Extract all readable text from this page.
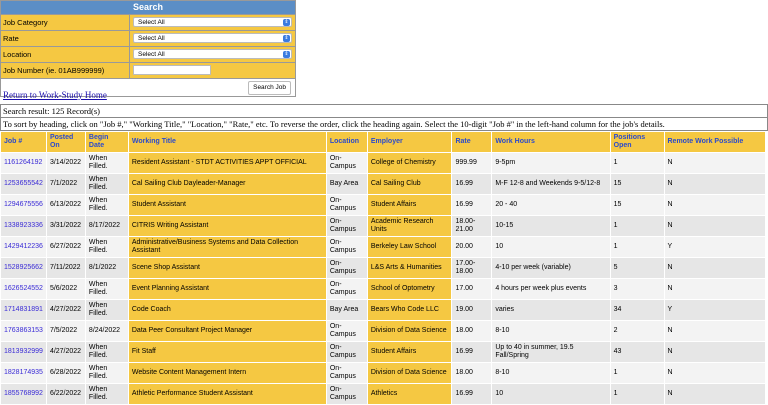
Search
Job Category	Select All	⇕
Rate	Select All	⇕
Location	Select All	⇕
Job Number (ie. 01AB999999)
Search Job
Return to Work-Study Home
Search result: 125 Record(s)
To sort by heading, click on "Job #," "Working Title," "Location," "Rate," etc. To reverse the order, click the heading again. Select the 10-digit "Job #" in the left-hand column for the job's details.
Job #	Posted On	Begin Date	Working Title	Location	Employer	Rate	Work Hours	Positions Open	Remote Work Possible
1161264192	3/14/2022	When Filled.	Resident Assistant - STDT ACTIVITIES APPT OFFICIAL	On-Campus	College of Chemistry	999.99	9-5pm	1	N
1253655542	7/1/2022	When Filled.	Cal Sailing Club Dayleader-Manager	Bay Area	Cal Sailing Club	16.99	M-F 12-8 and Weekends 9-5/12-8	15	N
1294675556	6/13/2022	When Filled.	Student Assistant	On-Campus	Student Affairs	16.99	20 - 40	15	N
1338923336	3/31/2022	8/17/2022	CITRIS Writing Assistant	On-Campus	Academic Research Units	18.00-21.00	10-15	1	N
1429412236	6/27/2022	When Filled.	Administrative/Business Systems and Data Collection Assistant	On-Campus	Berkeley Law School	20.00	10	1	Y
1528925662	7/11/2022	8/1/2022	Scene Shop Assistant	On-Campus	L&S Arts & Humanities	17.00-18.00	4-10 per week (variable)	5	N
1626524552	5/6/2022	When Filled.	Event Planning Assistant	On-Campus	School of Optometry	17.00	4 hours per week plus events	3	N
1714831891	4/27/2022	When Filled.	Code Coach	Bay Area	Bears Who Code LLC	19.00	varies	34	Y
1763863153	7/5/2022	8/24/2022	Data Peer Consultant Project Manager	On-Campus	Division of Data Science	18.00	8-10	2	N
1813932999	4/27/2022	When Filled.	Fit Staff	On-Campus	Student Affairs	16.99	Up to 40 in summer, 19.5 Fall/Spring	43	N
1828174935	6/28/2022	When Filled.	Website Content Management Intern	On-Campus	Division of Data Science	18.00	8-10	1	N
1855768992	6/22/2022	When Filled.	Athletic Performance Student Assistant	On-Campus	Athletics	16.99	10	1	N
